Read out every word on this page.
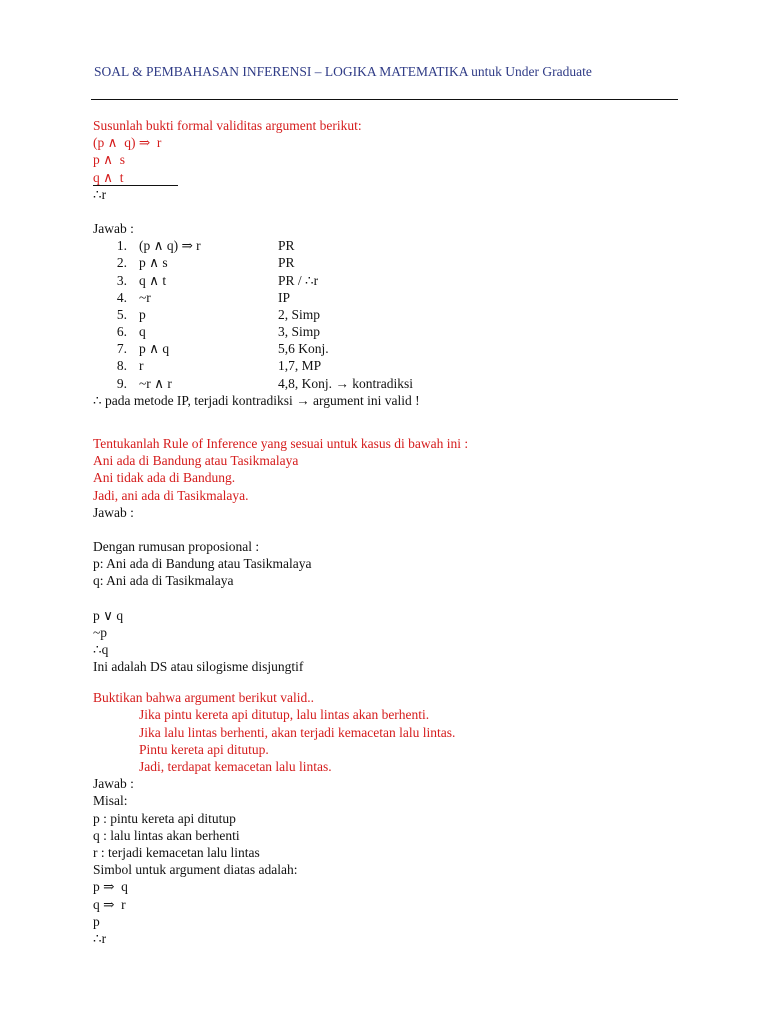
SOAL & PEMBAHASAN INFERENSI – LOGIKA MATEMATIKA untuk Under Graduate
Susunlah bukti formal validitas argument berikut:
(p ∧  q) ⇒  r
p ∧  s
q ∧  t
∴r
Jawab :
1. (p ∧ q) ⇒ r	PR
2. p ∧ s	PR
3. q ∧ t	PR / ∴r
4. ~r	IP
5. p	2, Simp
6. q	3, Simp
7. p ∧ q	5,6 Konj.
8. r	1,7, MP
9. ~r ∧ r	4,8, Konj. → kontradiksi
∴ pada metode IP, terjadi kontradiksi → argument ini valid !
Tentukanlah Rule of Inference yang sesuai untuk kasus di bawah ini :
Ani ada di Bandung atau Tasikmalaya
Ani tidak ada di Bandung.
Jadi, ani ada di Tasikmalaya.
Jawab :
Dengan rumusan proposional :
p: Ani ada di Bandung atau Tasikmalaya
q: Ani ada di Tasikmalaya
p ∨ q
~p
∴q
Ini adalah DS atau silogisme disjungtif
Buktikan bahwa argument berikut valid..
Jika pintu kereta api ditutup, lalu lintas akan berhenti.
Jika lalu lintas berhenti, akan terjadi kemacetan lalu lintas.
Pintu kereta api ditutup.
Jadi, terdapat kemacetan lalu lintas.
Jawab :
Misal:
p : pintu kereta api ditutup
q : lalu lintas akan berhenti
r : terjadi kemacetan lalu lintas
Simbol untuk argument diatas adalah:
p ⇒  q
q ⇒  r
p
∴r
